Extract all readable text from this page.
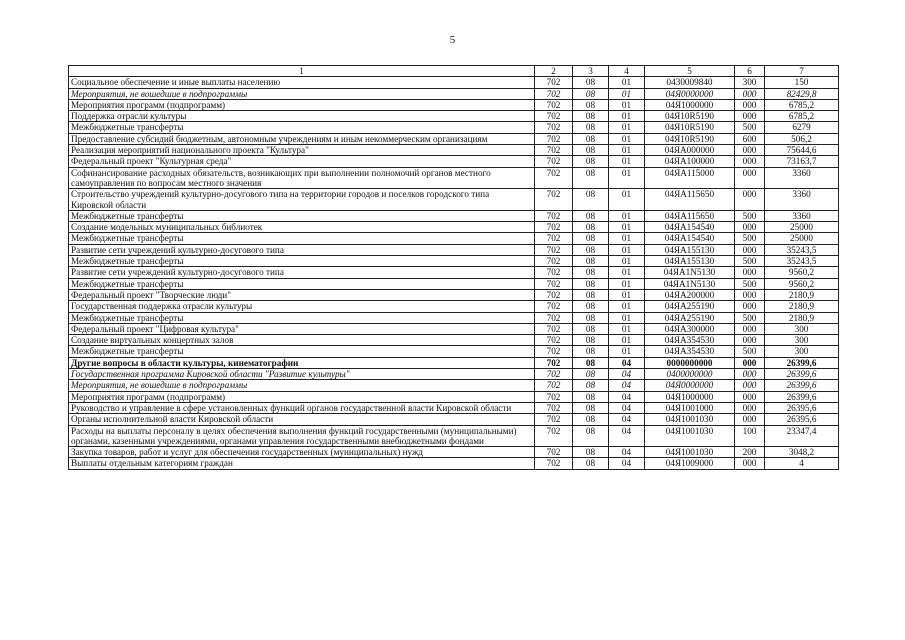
5
1	2	3	4	5	6	7
Социальное обеспечение и иные выплаты населению	702	08	01	0430009840	300	150
Мероприятия, не вошедшие в подпрограммы	702	08	01	04Я0000000	000	82429,8
Мероприятия программ (подпрограмм)	702	08	01	04Я1000000	000	6785,2
Поддержка отрасли культуры	702	08	01	04Я10R5190	000	6785,2
Межбюджетные трансферты	702	08	01	04Я10R5190	500	6279
Предоставление субсидий бюджетным, автономным учреждениям и иным некоммерческим организациям	702	08	01	04Я10R5190	600	506,2
Реализация мероприятий национального проекта "Культура"	702	08	01	04ЯA000000	000	75644,6
Федеральный проект "Культурная среда"	702	08	01	04ЯA100000	000	73163,7
Софинансирование расходных обязательств, возникающих при выполнении полномочий органов местного самоуправления по вопросам местного значения	702	08	01	04ЯA115000	000	3360
Строительство учреждений культурно-досугового типа на территории городов и поселков городского типа Кировской области	702	08	01	04ЯA115650	000	3360
Межбюджетные трансферты	702	08	01	04ЯA115650	500	3360
Создание модельных муниципальных библиотек	702	08	01	04ЯA154540	000	25000
Межбюджетные трансферты	702	08	01	04ЯA154540	500	25000
Развитие сети учреждений культурно-досугового типа	702	08	01	04ЯA155130	000	35243,5
Межбюджетные трансферты	702	08	01	04ЯA155130	500	35243,5
Развитие сети учреждений культурно-досугового типа	702	08	01	04ЯA1N5130	000	9560,2
Межбюджетные трансферты	702	08	01	04ЯA1N5130	500	9560,2
Федеральный проект "Творческие люди"	702	08	01	04ЯA200000	000	2180,9
Государственная поддержка отрасли культуры	702	08	01	04ЯA255190	000	2180,9
Межбюджетные трансферты	702	08	01	04ЯA255190	500	2180,9
Федеральный проект "Цифровая культура"	702	08	01	04ЯA300000	000	300
Создание виртуальных концертных залов	702	08	01	04ЯA354530	000	300
Межбюджетные трансферты	702	08	01	04ЯA354530	500	300
Другие вопросы в области культуры, кинематографии	702	08	04	0000000000	000	26399,6
Государственная программа Кировской области "Развитие культуры"	702	08	04	0400000000	000	26399,6
Мероприятия, не вошедшие в подпрограммы	702	08	04	04Я0000000	000	26399,6
Мероприятия программ (подпрограмм)	702	08	04	04Я1000000	000	26399,6
Руководство и управление в сфере установленных функций органов государственной власти Кировской области	702	08	04	04Я1001000	000	26395,6
Органы исполнительной власти Кировской области	702	08	04	04Я1001030	000	26395,6
Расходы на выплаты персоналу в целях обеспечения выполнения функций государственными (муниципальными) органами, казенными учреждениями, органами управления государственными внебюджетными фондами	702	08	04	04Я1001030	100	23347,4
Закупка товаров, работ и услуг для обеспечения государственных (муниципальных) нужд	702	08	04	04Я1001030	200	3048,2
Выплаты отдельным категориям граждан	702	08	04	04Я1009000	000	4
